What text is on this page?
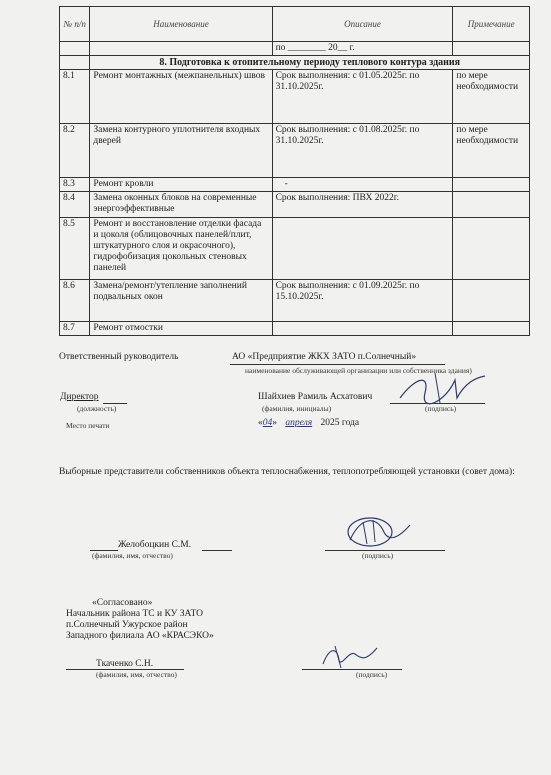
№ п/п	Наименование	Описание	Примечание
		по ________ 20__ г.	
	8. Подготовка к отопительному периоду теплового контура здания		
8.1	Ремонт монтажных (межпанельных) швов	Срок выполнения: с 01.05.2025г. по 31.10.2025г.	по мере необходимости
8.2	Замена контурного уплотнителя входных дверей	Срок выполнения: с 01.08.2025г. по 31.10.2025г.	по мере необходимости
8.3	Ремонт кровли	-	
8.4	Замена оконных блоков на современные энергоэффективные	Срок выполнения: ПВХ 2022г.	
8.5	Ремонт и восстановление отделки фасада и цоколя (облицовочных панелей/плит, штукатурного слоя и окрасочного), гидрофобизация цокольных стеновых панелей		
8.6	Замена/ремонт/утепление заполнений подвальных окон	Срок выполнения: с 01.09.2025г. по 15.10.2025г.	
8.7	Ремонт отмостки		
Ответственный руководитель	АО «Предприятие ЖКХ ЗАТО п.Солнечный»
наименование обслуживающей организации или собственника здания)
Директор
(должность)
Шайхиев Рамиль Асхатович
(фамилия, инициалы)	(подпись)
Место печати	«04» апреля 2025 года
Выборные представители собственников объекта теплоснабжения, теплопотребляющей установки (совет дома):
Желобоцкин С.М.
(фамилия, имя, отчество)	(подпись)
«Согласовано»
Начальник района ТС и КУ ЗАТО
п.Солнечный Ужурское район
Западного филиала АО «КРАСЭКО»
Ткаченко С.Н.
(фамилия, имя, отчество)	(подпись)
